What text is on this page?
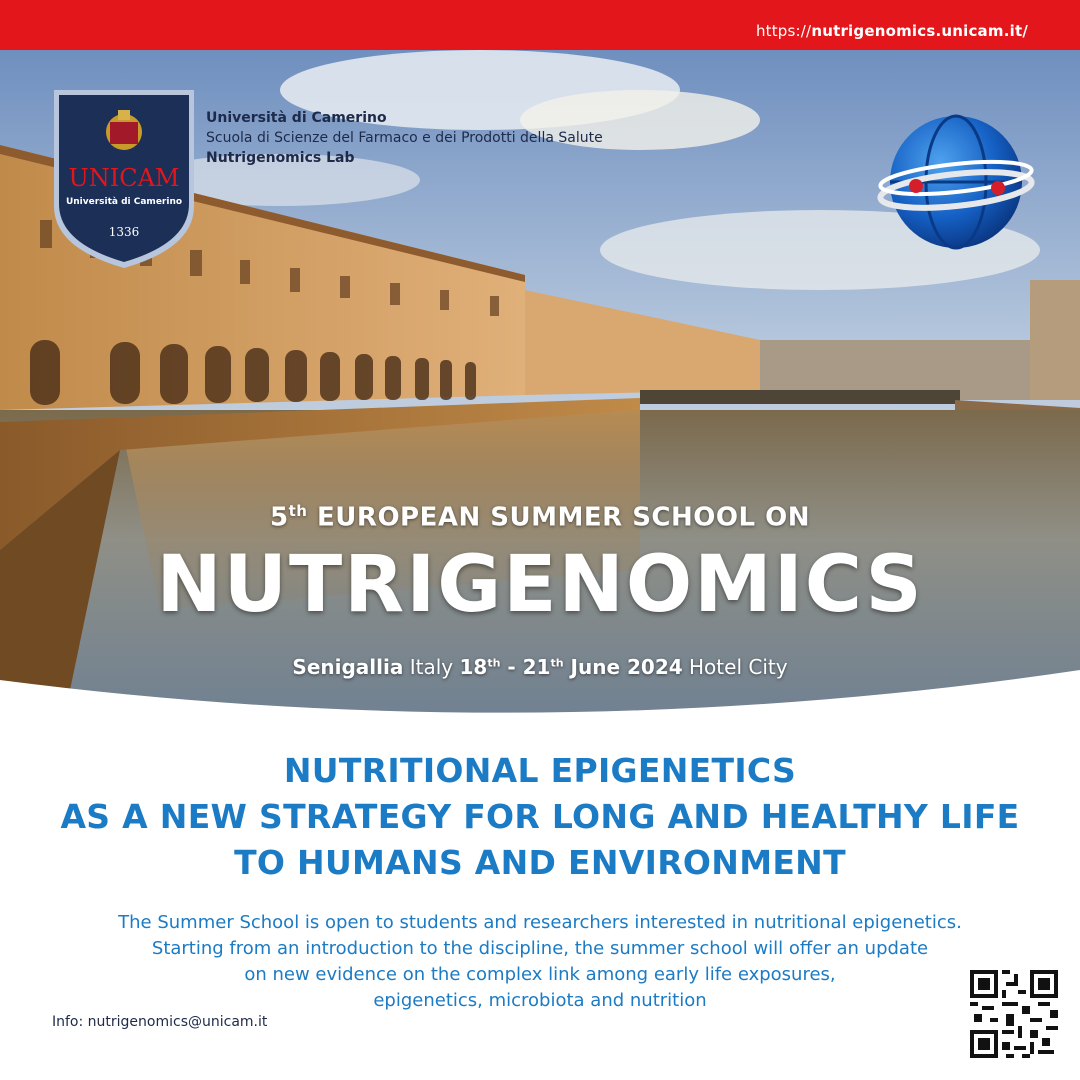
https://nutrigenomics.unicam.it/
UNICAM
Università di Camerino
1336
Università di Camerino
Scuola di Scienze del Farmaco e dei Prodotti della Salute
Nutrigenomics Lab
5th EUROPEAN SUMMER SCHOOL ON
NUTRIGENOMICS
Senigallia Italy 18th - 21th June 2024 Hotel City
NUTRITIONAL EPIGENETICS
AS A NEW STRATEGY FOR LONG AND HEALTHY LIFE
TO HUMANS AND ENVIRONMENT
The Summer School is open to students and researchers interested in nutritional epigenetics.
Starting from an introduction to the discipline, the summer school will offer an update
on new evidence on the complex link among early life exposures,
epigenetics, microbiota and nutrition
Info: nutrigenomics@unicam.it
